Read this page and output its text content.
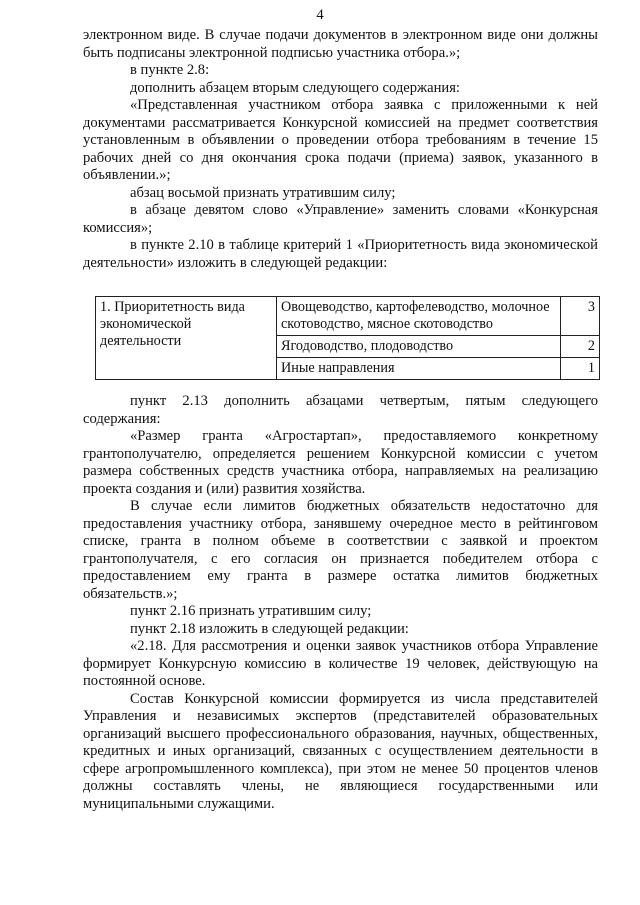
4

электронном виде. В случае подачи документов в электронном виде они должны быть подписаны электронной подписью участника отбора.»;

в пункте 2.8:

дополнить абзацем вторым следующего содержания:

«Представленная участником отбора заявка с приложенными к ней документами рассматривается Конкурсной комиссией на предмет соответствия установленным в объявлении о проведении отбора требованиям в течение 15 рабочих дней со дня окончания срока подачи (приема) заявок, указанного в объявлении.»;

абзац восьмой признать утратившим силу;

в абзаце девятом слово «Управление» заменить словами «Конкурсная комиссия»;

в пункте 2.10 в таблице критерий 1 «Приоритетность вида экономической деятельности» изложить в следующей редакции:

1. Приоритетность вида экономической деятельности	Овощеводство, картофелеводство, молочное скотоводство, мясное скотоводство	3
	Ягодоводство, плодоводство	2
	Иные направления	1

пункт 2.13 дополнить абзацами четвертым, пятым следующего содержания:

«Размер гранта «Агростартап», предоставляемого конкретному грантополучателю, определяется решением Конкурсной комиссии с учетом размера собственных средств участника отбора, направляемых на реализацию проекта создания и (или) развития хозяйства.

В случае если лимитов бюджетных обязательств недостаточно для предоставления участнику отбора, занявшему очередное место в рейтинговом списке, гранта в полном объеме в соответствии с заявкой и проектом грантополучателя, с его согласия он признается победителем отбора с предоставлением ему гранта в размере остатка лимитов бюджетных обязательств.»;

пункт 2.16 признать утратившим силу;

пункт 2.18 изложить в следующей редакции:

«2.18. Для рассмотрения и оценки заявок участников отбора Управление формирует Конкурсную комиссию в количестве 19 человек, действующую на постоянной основе.

Состав Конкурсной комиссии формируется из числа представителей Управления и независимых экспертов (представителей образовательных организаций высшего профессионального образования, научных, общественных, кредитных и иных организаций, связанных с осуществлением деятельности в сфере агропромышленного комплекса), при этом не менее 50 процентов членов должны составлять члены, не являющиеся государственными или муниципальными служащими.
